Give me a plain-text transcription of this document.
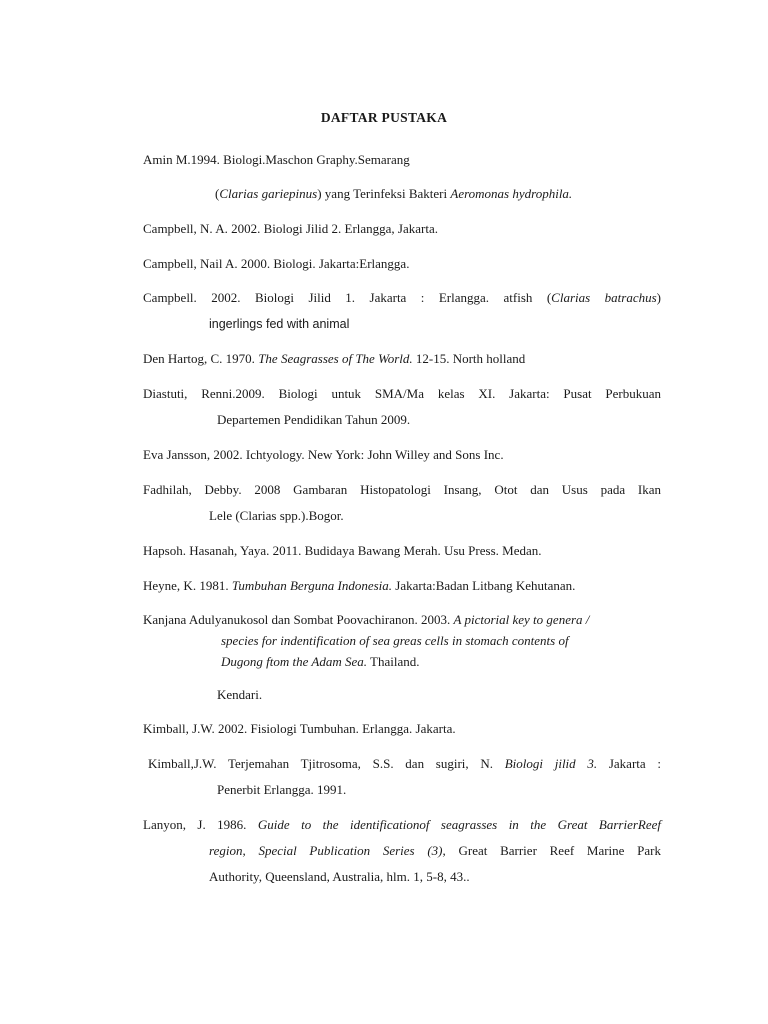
DAFTAR PUSTAKA
Amin M.1994. Biologi.Maschon Graphy.Semarang
(Clarias gariepinus) yang Terinfeksi Bakteri Aeromonas hydrophila.
Campbell, N. A. 2002. Biologi Jilid 2. Erlangga, Jakarta.
Campbell, Nail A. 2000. Biologi. Jakarta:Erlangga.
Campbell. 2002. Biologi Jilid 1. Jakarta : Erlangga. atfish (Clarias batrachus)
ingerlings fed with animal
Den Hartog, C. 1970. The Seagrasses of The World. 12-15. North holland
Diastuti, Renni.2009. Biologi untuk SMA/Ma kelas XI. Jakarta: Pusat Perbukuan
Departemen Pendidikan Tahun 2009.
Eva Jansson, 2002. Ichtyology. New York: John Willey and Sons Inc.
Fadhilah, Debby. 2008 Gambaran Histopatologi Insang, Otot dan Usus pada Ikan
Lele (Clarias spp.).Bogor.
Hapsoh. Hasanah, Yaya. 2011. Budidaya Bawang Merah. Usu Press. Medan.
Heyne, K. 1981. Tumbuhan Berguna Indonesia. Jakarta:Badan Litbang Kehutanan.
Kanjana Adulyanukosol dan Sombat Poovachiranon. 2003. A pictorial key to genera /
species for indentification of sea greas cells in stomach contents of
Dugong ftom the Adam Sea. Thailand.
Kendari.
Kimball, J.W. 2002. Fisiologi Tumbuhan. Erlangga. Jakarta.
Kimball,J.W. Terjemahan Tjitrosoma, S.S. dan sugiri, N. Biologi jilid 3. Jakarta :
Penerbit Erlangga. 1991.
Lanyon, J. 1986. Guide to the identificationof seagrasses in the Great BarrierReef
region, Special Publication Series (3), Great Barrier Reef Marine Park
Authority, Queensland, Australia, hlm. 1, 5-8, 43..
